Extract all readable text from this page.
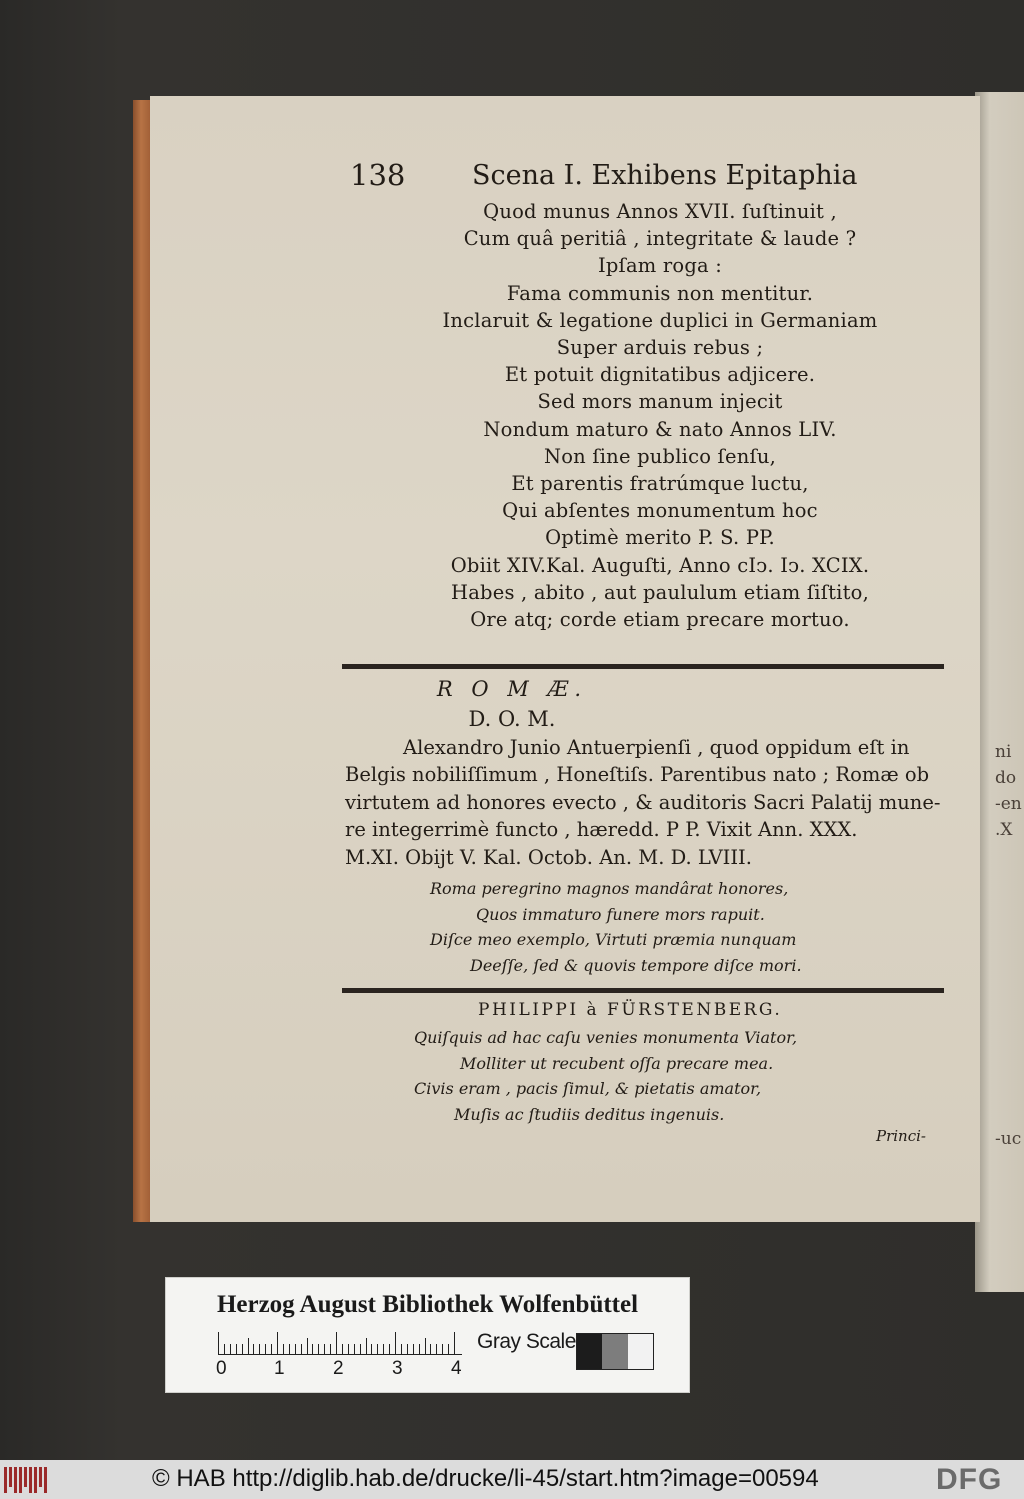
ni
do
-en
.X
-uc
138 Scena I. Exhibens Epitaphia
Quod munus Annos XVII. ſuſtinuit ,
Cum quâ peritiâ , integritate & laude ?
Ipſam roga :
Fama communis non mentitur.
Inclaruit & legatione duplici in Germaniam
Super arduis rebus ;
Et potuit dignitatibus adjicere.
Sed mors manum injecit
Nondum maturo & nato Annos LIV.
Non ſine publico ſenſu,
Et parentis fratrúmque luctu,
Qui abſentes monumentum hoc
Optimè merito P. S. PP.
Obiit XIV.Kal. Auguſti, Anno cIↄ. Iↄ. XCIX.
Habes , abito , aut paululum etiam ſiſtito,
Ore atq; corde etiam precare mortuo.
R O M Æ.
D. O. M.
Alexandro Junio Antuerpienſi , quod oppidum eſt in
Belgis nobiliſſimum , Honeſtiſs. Parentibus nato ; Romæ ob
virtutem ad honores evecto , & auditoris Sacri Palatij mune-
re integerrimè functo , hæredd. P P. Vixit Ann. XXX.
M.XI. Obijt V. Kal. Octob. An. M. D. LVIII.
Roma peregrino magnos mandârat honores,
Quos immaturo funere mors rapuit.
Diſce meo exemplo, Virtuti præmia nunquam
Deeſſe, ſed & quovis tempore diſce mori.
PHILIPPI à FÜRSTENBERG.
Quiſquis ad hac caſu venies monumenta Viator,
Molliter ut recubent oſſa precare mea.
Civis eram , pacis ſimul, & pietatis amator,
Muſis ac ſtudiis deditus ingenuis.
Princi-
Herzog August Bibliothek Wolfenbüttel
0 1	2	3	4
Gray Scale
© HAB http://diglib.hab.de/drucke/li-45/start.htm?image=00594	DFG
